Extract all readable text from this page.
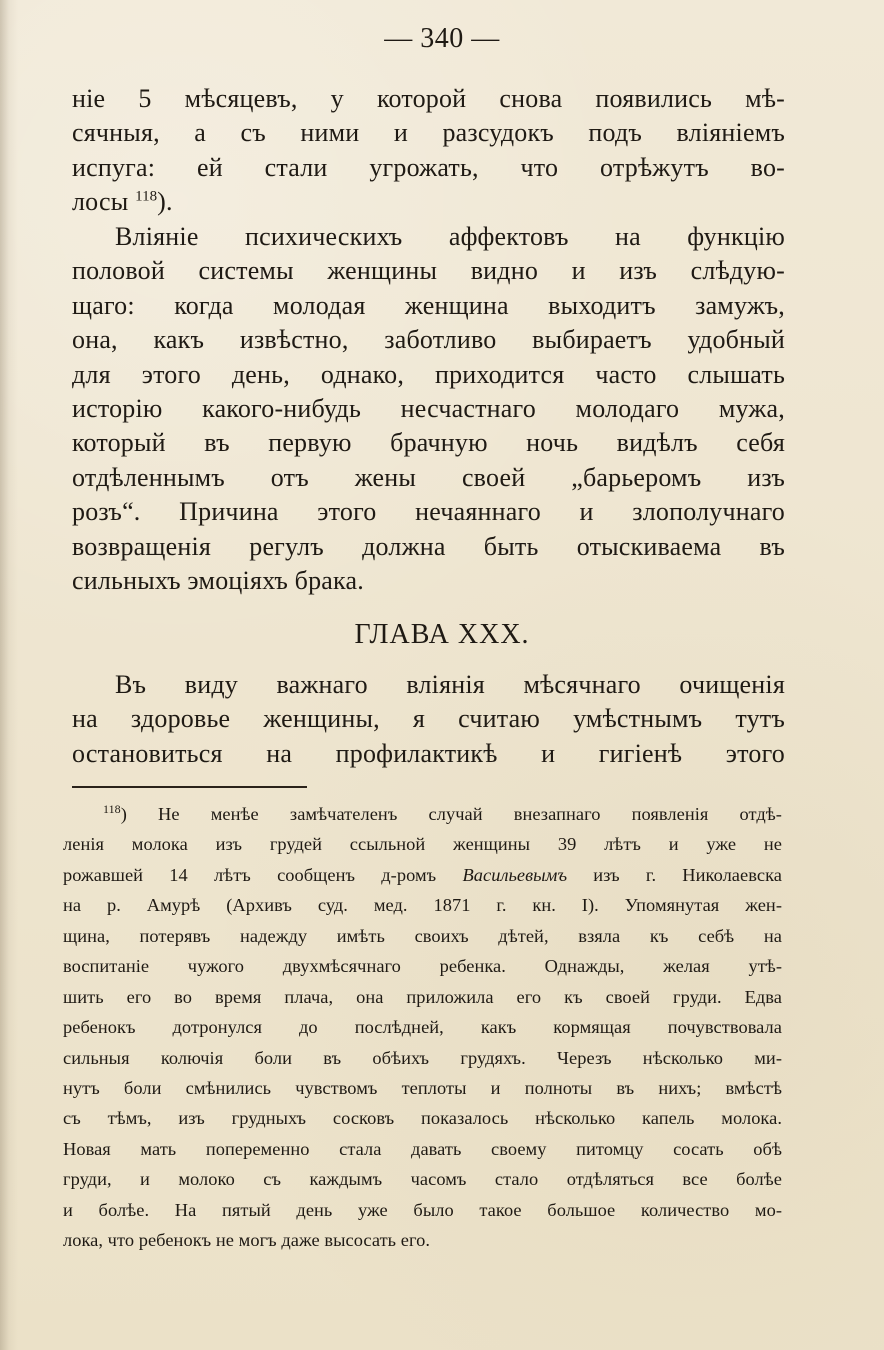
— 340 —
ніе 5 мѣсяцевъ, у которой снова появились мѣ-
сячныя, а съ ними и разсудокъ подъ вліяніемъ
испуга: ей стали угрожать, что отрѣжутъ во-
лосы $^{118}$).
Вліяніе психическихъ аффектовъ на функцію
половой системы женщины видно и изъ слѣдую-
щаго: когда молодая женщина выходитъ замужъ,
она, какъ извѣстно, заботливо выбираетъ удобный
для этого день, однако, приходится часто слышать
исторію какого-нибудь несчастнаго молодаго мужа,
который въ первую брачную ночь видѣлъ себя
отдѣленнымъ отъ жены своей „барьеромъ изъ
розъ“. Причина этого нечаяннаго и злополучнаго
возвращенія регулъ должна быть отыскиваема въ
сильныхъ эмоціяхъ брака.
ГЛАВА XXX.
Въ виду важнаго вліянія мѣсячнаго очищенія
на здоровье женщины, я считаю умѣстнымъ тутъ
остановиться на профилактикѣ и гигіенѣ этого
$^{118}$) Не менѣе замѣчателенъ случай внезапнаго появленія отдѣ-
ленія молока изъ грудей ссыльной женщины 39 лѣтъ и уже не
рожавшей 14 лѣтъ сообщенъ д-ромъ Васильевымъ изъ г. Николаевска
на р. Амурѣ (Архивъ суд. мед. 1871 г. кн. I). Упомянутая жен-
щина, потерявъ надежду имѣть своихъ дѣтей, взяла къ себѣ на
воспитаніе чужого двухмѣсячнаго ребенка. Однажды, желая утѣ-
шить его во время плача, она приложила его къ своей груди. Едва
ребенокъ дотронулся до послѣдней, какъ кормящая почувствовала
сильныя колючія боли въ обѣихъ грудяхъ. Черезъ нѣсколько ми-
нутъ боли смѣнились чувствомъ теплоты и полноты въ нихъ; вмѣстѣ
съ тѣмъ, изъ грудныхъ сосковъ показалось нѣсколько капель молока.
Новая мать попеременно стала давать своему питомцу сосать обѣ
груди, и молоко съ каждымъ часомъ стало отдѣляться все болѣе
и болѣе. На пятый день уже было такое большое количество мо-
лока, что ребенокъ не могъ даже высосать его.
